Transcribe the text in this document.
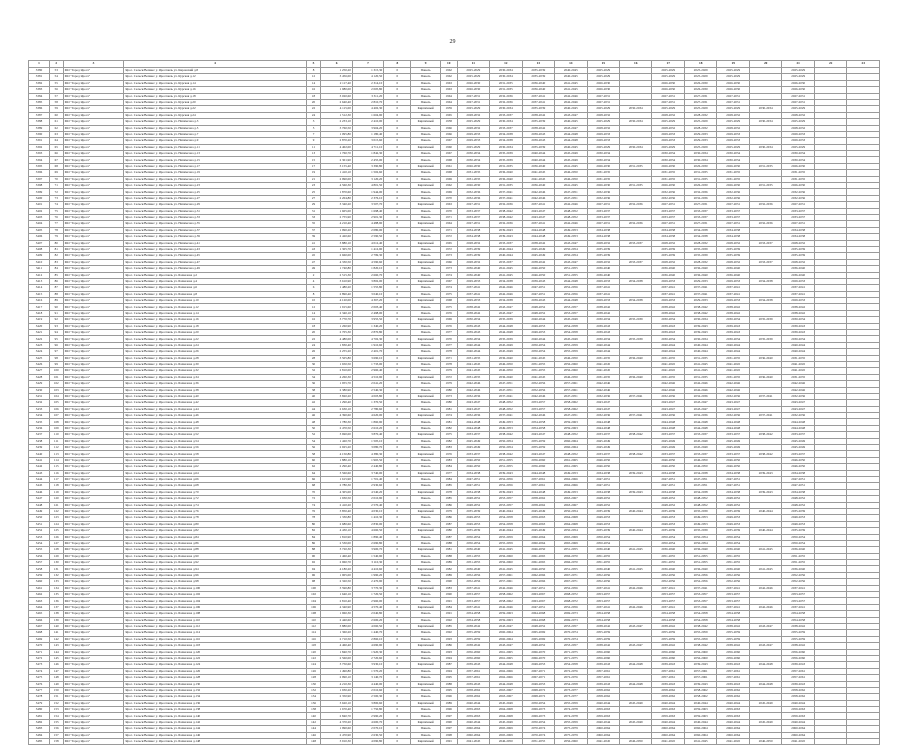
29
1	2	3	4	5	6	7	8	9	10	11	12	13	14	15	16	17	18	19	20	21	22	23
3380	53	МО "Город Яросл"	Ярос. Сельск/Велико/ у. Ярославль ул. Кировский д.8	8	1 250,20	1 315,30	0	Панель	1962	2025-2029	2030-2034	2035-2039	2040-2045	2025-2029		2025-2029	2025-2029	2025-2029		2025-2029		
3381	54	МО "Город Яросл"	Ярос. Сельск/Велико/ у. Ярославль ул. Курская д.12	12	3 456,00	4 120,50	0	Панель	1962	2025-2029	2030-2034	2035-2039	2040-2045	2025-2029		2025-2029	2025-2029	2025-2029		2025-2029		
3382	55	МО "Город Яросл"	Ярос. Сельск/Велико/ у. Ярославль ул. Курская д.14	14	2 117,40	2 314,10	0	Панель	1963	2026-2030	2031-2035	2036-2040	2041-2045	2026-2030		2026-2030	2026-2030	2026-2030		2026-2030		
3383	56	МО "Город Яросл"	Ярос. Сельск/Велико/ у. Ярославль ул. Курская д.16	16	1 980,00	2 005,80	0	Панель	1963	2026-2030	2031-2035	2036-2040	2041-2045	2026-2030		2026-2030	2026-2030	2026-2030		2026-2030		
3384	57	МО "Город Яросл"	Ярос. Сельск/Велико/ у. Ярославль ул. Курская д.18	18	3 020,60	3 311,20	0	Панель	1964	2027-2031	2032-2036	2037-2041	2042-2046	2027-2031		2027-2031	2027-2031	2027-2031		2027-2031		
3385	58	МО "Город Яросл"	Ярос. Сельск/Велико/ у. Ярославль ул. Курская д.20	20	2 640,40	2 810,70	0	Панель	1964	2027-2031	2032-2036	2037-2041	2042-2046	2027-2031		2027-2031	2027-2031	2027-2031		2027-2031		
3386	59	МО "Город Яросл"	Ярос. Сельск/Велико/ у. Ярославль ул. Курская д.22	22	4 115,00	4 402,30	0	Кирпичный	1959	2025-2029	2030-2034	2035-2039	2040-2045	2025-2029	2030-2034	2025-2029	2025-2029	2025-2029	2030-2034	2025-2029		
3387	60	МО "Город Яросл"	Ярос. Сельск/Велико/ у. Ярославль ул. Курская д.24	24	1 512,30	1 604,90	0	Панель	1965	2028-2032	2033-2037	2038-2042	2043-2047	2028-2032		2028-2032	2028-2032	2028-2032		2028-2032		
3388	61	МО "Город Яросл"	Ярос. Сельск/Велико/ у. Ярославль ул. Нахимсона д.3	3	2 233,10	2 410,00	0	Кирпичный	1958	2025-2029	2030-2034	2035-2039	2040-2045	2025-2029	2030-2034	2025-2029	2025-2029	2025-2029	2030-2034	2025-2029		
3389	62	МО "Город Яросл"	Ярос. Сельск/Велико/ у. Ярославль ул. Нахимсона д.5	5	3 760,50	3 904,20	0	Панель	1966	2028-2032	2033-2037	2038-2042	2043-2047	2028-2032		2028-2032	2028-2032	2028-2032		2028-2032		
3390	63	МО "Город Яросл"	Ярос. Сельск/Велико/ у. Ярославль ул. Нахимсона д.7	7	1 095,80	1 180,40	0	Панель	1966	2029-2033	2034-2038	2039-2043	2044-2048	2029-2033		2029-2033	2029-2033	2029-2033		2029-2033		
3391	64	МО "Город Яросл"	Ярос. Сельск/Велико/ у. Ярославль ул. Нахимсона д.9	9	2 870,20	3 015,60	0	Панель	1967	2029-2033	2034-2038	2039-2043	2044-2048	2029-2033		2029-2033	2029-2033	2029-2033		2029-2033		
3392	65	МО "Город Яросл"	Ярос. Сельск/Велико/ у. Ярославль ул. Нахимсона д.11	11	4 402,00	4 711,10	0	Кирпичный	1960	2025-2029	2030-2034	2035-2039	2040-2045	2025-2029	2030-2034	2025-2029	2025-2029	2025-2029	2030-2034	2025-2029		
3393	66	МО "Город Яросл"	Ярос. Сельск/Велико/ у. Ярославль ул. Нахимсона д.13	13	1 760,70	1 842,30	0	Панель	1967	2030-2034	2035-2039	2040-2044	2045-2049	2030-2034		2030-2034	2030-2034	2030-2034		2030-2034		
3394	67	МО "Город Яросл"	Ярос. Сельск/Велико/ у. Ярославль ул. Нахимсона д.15	15	2 301,90	2 455,00	0	Панель	1968	2030-2034	2035-2039	2040-2044	2045-2049	2030-2034		2030-2034	2030-2034	2030-2034		2030-2034		
3395	68	МО "Город Яросл"	Ярос. Сельск/Велико/ у. Ярославль ул. Нахимсона д.17	17	3 155,40	3 390,80	0	Кирпичный	1961	2026-2030	2031-2035	2036-2040	2041-2045	2026-2030	2031-2035	2026-2030	2026-2030	2026-2030	2031-2035	2026-2030		
3396	69	МО "Город Яросл"	Ярос. Сельск/Велико/ у. Ярославль ул. Нахимсона д.19	19	1 410,10	1 502,60	0	Панель	1968	2031-2035	2036-2040	2041-2045	2046-2050	2031-2035		2031-2035	2031-2035	2031-2035		2031-2035		
3397	70	МО "Город Яросл"	Ярос. Сельск/Велико/ у. Ярославль ул. Нахимсона д.21	21	2 990,00	3 120,20	0	Панель	1969	2031-2035	2036-2040	2041-2045	2046-2050	2031-2035		2031-2035	2031-2035	2031-2035		2031-2035		
3398	71	МО "Город Яросл"	Ярос. Сельск/Велико/ у. Ярославль ул. Нахимсона д.23	23	4 560,30	4 801,50	0	Кирпичный	1962	2026-2030	2031-2035	2036-2040	2041-2045	2026-2030	2031-2035	2026-2030	2026-2030	2026-2030	2031-2035	2026-2030		
3399	72	МО "Город Яросл"	Ярос. Сельск/Велико/ у. Ярославль ул. Нахимсона д.25	25	1 870,60	1 944,00	0	Панель	1969	2032-2036	2037-2041	2042-2046	2047-2051	2032-2036		2032-2036	2032-2036	2032-2036		2032-2036		
3400	73	МО "Город Яросл"	Ярос. Сельск/Велико/ у. Ярославль ул. Нахимсона д.27	27	2 204,80	2 376,10	0	Панель	1970	2032-2036	2037-2041	2042-2046	2047-2051	2032-2036		2032-2036	2032-2036	2032-2036		2032-2036		
3401	74	МО "Город Яросл"	Ярос. Сельск/Велико/ у. Ярославль ул. Нахимсона д.29	29	3 340,20	3 507,70	0	Кирпичный	1963	2027-2031	2032-2036	2037-2041	2042-2046	2027-2031	2032-2036	2027-2031	2027-2031	2027-2031	2032-2036	2027-2031		
3402	75	МО "Город Яросл"	Ярос. Сельск/Велико/ у. Ярославль ул. Нахимсона д.31	31	1 605,00	1 698,40	0	Панель	1970	2033-2037	2038-2042	2043-2047	2048-2052	2033-2037		2033-2037	2033-2037	2033-2037		2033-2037		
3403	76	МО "Город Яросл"	Ярос. Сельск/Велико/ у. Ярославль ул. Нахимсона д.33	33	2 755,90	2 901,30	0	Панель	1971	2033-2037	2038-2042	2043-2047	2048-2052	2033-2037		2033-2037	2033-2037	2033-2037		2033-2037		
3404	77	МО "Город Яросл"	Ярос. Сельск/Велико/ у. Ярославль ул. Нахимсона д.35	35	4 210,40	4 488,90	0	Кирпичный	1964	2027-2031	2032-2036	2037-2041	2042-2046	2027-2031	2032-2036	2027-2031	2027-2031	2027-2031	2032-2036	2027-2031		
3405	78	МО "Город Яросл"	Ярос. Сельск/Велико/ у. Ярославль ул. Нахимсона д.37	37	1 990,20	2 080,00	0	Панель	1971	2034-2038	2039-2043	2044-2048	2049-2053	2034-2038		2034-2038	2034-2038	2034-2038		2034-2038		
3406	79	МО "Город Яросл"	Ярос. Сельск/Велико/ у. Ярославль ул. Нахимсона д.39	39	2 420,60	2 590,50	0	Панель	1972	2034-2038	2039-2043	2044-2048	2049-2053	2034-2038		2034-2038	2034-2038	2034-2038		2034-2038		
3407	80	МО "Город Яросл"	Ярос. Сельск/Велико/ у. Ярославль ул. Нахимсона д.41	41	3 880,10	4 012,40	0	Кирпичный	1965	2028-2032	2033-2037	2038-2042	2043-2047	2028-2032	2033-2037	2028-2032	2028-2032	2028-2032	2033-2037	2028-2032		
3408	81	МО "Город Яросл"	Ярос. Сельск/Велико/ у. Ярославль ул. Нахимсона д.43	43	1 305,70	1 412,90	0	Панель	1972	2035-2039	2040-2044	2045-2049	2050-2054	2035-2039		2035-2039	2035-2039	2035-2039		2035-2039		
3409	82	МО "Город Яросл"	Ярос. Сельск/Велико/ у. Ярославль ул. Нахимсона д.45	45	2 660,00	2 799,30	0	Панель	1973	2035-2039	2040-2044	2045-2049	2050-2054	2035-2039		2035-2039	2035-2039	2035-2039		2035-2039		
3410	83	МО "Город Яросл"	Ярос. Сельск/Велико/ у. Ярославль ул. Нахимсона д.47	47	4 330,50	4 590,60	0	Кирпичный	1966	2028-2032	2033-2037	2038-2042	2043-2047	2028-2032	2033-2037	2028-2032	2028-2032	2028-2032	2033-2037	2028-2032		
3411	84	МО "Город Яросл"	Ярос. Сельск/Велико/ у. Ярославль ул. Нахимсона д.49	49	1 740,80	1 820,10	0	Панель	1973	2036-2040	2041-2045	2046-2050	2051-2055	2036-2040		2036-2040	2036-2040	2036-2040		2036-2040		
3412	85	МО "Город Яросл"	Ярос. Сельск/Велико/ у. Ярославль ул. Бахвалова д.2	2	2 515,30	2 660,70	0	Панель	1974	2036-2040	2041-2045	2046-2050	2051-2055	2036-2040		2036-2040	2036-2040	2036-2040		2036-2040		
3413	86	МО "Город Яросл"	Ярос. Сельск/Велико/ у. Ярославль ул. Бахвалова д.4	4	3 610,90	3 802,00	0	Кирпичный	1967	2029-2033	2034-2038	2039-2043	2044-2048	2029-2033	2034-2038	2029-2033	2029-2033	2029-2033	2034-2038	2029-2033		
3414	87	МО "Город Яросл"	Ярос. Сельск/Велико/ у. Ярославль ул. Бахвалова д.6	6	1 480,20	1 555,80	0	Панель	1974	2037-2041	2042-2046	2047-2051	2052-2056	2037-2041		2037-2041	2037-2041	2037-2041		2037-2041		
3415	88	МО "Город Яросл"	Ярос. Сельск/Велико/ у. Ярославль ул. Бахвалова д.8	8	2 890,40	3 040,10	0	Панель	1975	2037-2041	2042-2046	2047-2051	2052-2056	2037-2041		2037-2041	2037-2041	2037-2041		2037-2041		
3416	89	МО "Город Яросл"	Ярос. Сельск/Велико/ у. Ярославль ул. Бахвалова д.10	10	4 120,00	4 367,20	0	Кирпичный	1968	2029-2033	2034-2038	2039-2043	2044-2048	2029-2033	2034-2038	2029-2033	2029-2033	2029-2033	2034-2038	2029-2033		
3417	90	МО "Город Яросл"	Ярос. Сельск/Велико/ у. Ярославль ул. Бахвалова д.12	12	1 915,60	2 003,40	0	Панель	1975	2038-2042	2043-2047	2048-2052	2053-2057	2038-2042		2038-2042	2038-2042	2038-2042		2038-2042		
3418	91	МО "Город Яросл"	Ярос. Сельск/Велико/ у. Ярославль ул. Бахвалова д.14	14	2 340,10	2 498,00	0	Панель	1976	2038-2042	2043-2047	2048-2052	2053-2057	2038-2042		2038-2042	2038-2042	2038-2042		2038-2042		
3419	92	МО "Город Яросл"	Ярос. Сельск/Велико/ у. Ярославль ул. Бахвалова д.16	16	3 770,70	3 955,50	0	Кирпичный	1969	2030-2034	2035-2039	2040-2044	2045-2049	2030-2034	2035-2039	2030-2034	2030-2034	2030-2034	2035-2039	2030-2034		
3420	93	МО "Город Яросл"	Ярос. Сельск/Велико/ у. Ярославль ул. Бахвалова д.18	18	1 260,90	1 340,20	0	Панель	1976	2039-2043	2044-2048	2049-2053	2054-2058	2039-2043		2039-2043	2039-2043	2039-2043		2039-2043		
3421	94	МО "Город Яросл"	Ярос. Сельск/Велико/ у. Ярославль ул. Бахвалова д.20	20	2 705,30	2 870,80	0	Панель	1977	2039-2043	2044-2048	2049-2053	2054-2058	2039-2043		2039-2043	2039-2043	2039-2043		2039-2043		
3422	95	МО "Город Яросл"	Ярос. Сельск/Велико/ у. Ярославль ул. Бахвалова д.22	22	4 480,00	4 702,30	0	Кирпичный	1970	2030-2034	2035-2039	2040-2044	2045-2049	2030-2034	2035-2039	2030-2034	2030-2034	2030-2034	2035-2039	2030-2034		
3423	96	МО "Город Яросл"	Ярос. Сельск/Велико/ у. Ярославль ул. Бахвалова д.24	24	1 830,40	1 910,60	0	Панель	1977	2040-2044	2045-2049	2050-2054	2055-2059	2040-2044		2040-2044	2040-2044	2040-2044		2040-2044		
3424	97	МО "Город Яросл"	Ярос. Сельск/Велико/ у. Ярославль ул. Бахвалова д.26	26	2 255,20	2 401,70	0	Панель	1978	2040-2044	2045-2049	2050-2054	2055-2059	2040-2044		2040-2044	2040-2044	2040-2044		2040-2044		
3425	98	МО "Город Яросл"	Ярос. Сельск/Велико/ у. Ярославль ул. Бахвалова д.28	28	3 505,80	3 690,10	0	Кирпичный	1971	2031-2035	2036-2040	2041-2045	2046-2050	2031-2035	2036-2040	2031-2035	2031-2035	2031-2035	2036-2040	2031-2035		
3426	99	МО "Город Яросл"	Ярос. Сельск/Велико/ у. Ярославль ул. Бахвалова д.30	30	1 650,50	1 733,00	0	Панель	1978	2041-2045	2046-2050	2051-2055	2056-2060	2041-2045		2041-2045	2041-2045	2041-2045		2041-2045		
3427	100	МО "Город Яросл"	Ярос. Сельск/Велико/ у. Ярославль ул. Бахвалова д.32	32	2 810,00	2 960,40	0	Панель	1979	2041-2045	2046-2050	2051-2055	2056-2060	2041-2045		2041-2045	2041-2045	2041-2045		2041-2045		
3428	101	МО "Город Яросл"	Ярос. Сельск/Велико/ у. Ярославль ул. Бахвалова д.34	34	4 260,30	4 510,90	0	Кирпичный	1972	2031-2035	2036-2040	2041-2045	2046-2050	2031-2035	2036-2040	2031-2035	2031-2035	2031-2035	2036-2040	2031-2035		
3429	102	МО "Город Яросл"	Ярос. Сельск/Велико/ у. Ярославль ул. Бахвалова д.36	36	1 955,70	2 041,20	0	Панель	1979	2042-2046	2047-2051	2052-2056	2057-2061	2042-2046		2042-2046	2042-2046	2042-2046		2042-2046		
3430	103	МО "Город Яросл"	Ярос. Сельск/Велико/ у. Ярославль ул. Бахвалова д.38	38	2 380,90	2 540,30	0	Панель	1980	2042-2046	2047-2051	2052-2056	2057-2061	2042-2046		2042-2046	2042-2046	2042-2046		2042-2046		
3431	104	МО "Город Яросл"	Ярос. Сельск/Велико/ у. Ярославль ул. Бахвалова д.40	40	3 820,20	4 003,80	0	Кирпичный	1973	2032-2036	2037-2041	2042-2046	2047-2051	2032-2036	2037-2041	2032-2036	2032-2036	2032-2036	2037-2041	2032-2036		
3432	105	МО "Город Яросл"	Ярос. Сельск/Велико/ у. Ярославль ул. Бахвалова д.42	42	1 290,40	1 370,50	0	Панель	1980	2043-2047	2048-2052	2053-2057	2058-2062	2043-2047		2043-2047	2043-2047	2043-2047		2043-2047		
3433	106	МО "Город Яросл"	Ярос. Сельск/Велико/ у. Ярославль ул. Бахвалова д.44	44	2 630,10	2 780,60	0	Панель	1981	2043-2047	2048-2052	2053-2057	2058-2062	2043-2047		2043-2047	2043-2047	2043-2047		2043-2047		
3434	107	МО "Город Яросл"	Ярос. Сельск/Велико/ у. Ярославль ул. Бахвалова д.46	46	4 390,60	4 620,00	0	Кирпичный	1974	2032-2036	2037-2041	2042-2046	2047-2051	2032-2036	2037-2041	2032-2036	2032-2036	2032-2036	2037-2041	2032-2036		
3435	108	МО "Город Яросл"	Ярос. Сельск/Велико/ у. Ярославль ул. Бахвалова д.48	48	1 780,30	1 860,90	0	Панель	1981	2044-2048	2049-2053	2054-2058	2059-2063	2044-2048		2044-2048	2044-2048	2044-2048		2044-2048		
3436	109	МО "Город Яросл"	Ярос. Сельск/Велико/ у. Ярославль ул. Бахвалова д.50	50	2 470,50	2 610,20	0	Панель	1982	2044-2048	2049-2053	2054-2058	2059-2063	2044-2048		2044-2048	2044-2048	2044-2048		2044-2048		
3437	110	МО "Город Яросл"	Ярос. Сельск/Велико/ у. Ярославль ул. Бахвалова д.52	52	3 690,00	3 870,40	0	Кирпичный	1975	2033-2037	2038-2042	2043-2047	2048-2052	2033-2037	2038-2042	2033-2037	2033-2037	2033-2037	2038-2042	2033-2037		
3438	111	МО "Город Яросл"	Ярос. Сельск/Велико/ у. Ярославль ул. Бахвалова д.54	54	1 420,70	1 505,10	0	Панель	1982	2045-2049	2050-2054	2055-2059	2060-2064	2045-2049		2045-2049	2045-2049	2045-2049		2045-2049		
3439	112	МО "Город Яросл"	Ярос. Сельск/Велико/ у. Ярославль ул. Бахвалова д.56	56	2 925,20	3 080,70	0	Панель	1983	2045-2049	2050-2054	2055-2059	2060-2064	2045-2049		2045-2049	2045-2049	2045-2049		2045-2049		
3440	113	МО "Город Яросл"	Ярос. Сельск/Велико/ у. Ярославль ул. Бахвалова д.58	58	4 150,80	4 380,30	0	Кирпичный	1976	2033-2037	2038-2042	2043-2047	2048-2052	2033-2037	2038-2042	2033-2037	2033-2037	2033-2037	2038-2042	2033-2037		
3441	114	МО "Город Яросл"	Ярос. Сельск/Велико/ у. Ярославль ул. Бахвалова д.60	60	1 880,10	1 965,50	0	Панель	1983	2046-2050	2051-2055	2056-2060	2061-2065	2046-2050		2046-2050	2046-2050	2046-2050		2046-2050		
3442	115	МО "Город Яросл"	Ярос. Сельск/Велико/ у. Ярославль ул. Бахвалова д.62	62	2 290,40	2 440,80	0	Панель	1984	2046-2050	2051-2055	2056-2060	2061-2065	2046-2050		2046-2050	2046-2050	2046-2050		2046-2050		
3443	116	МО "Город Яросл"	Ярос. Сельск/Велико/ у. Ярославль ул. Бахвалова д.64	64	3 560,60	3 740,00	0	Кирпичный	1977	2034-2038	2039-2043	2044-2048	2049-2053	2034-2038	2039-2043	2034-2038	2034-2038	2034-2038	2039-2043	2034-2038		
3444	117	МО "Город Яросл"	Ярос. Сельск/Велико/ у. Ярославль ул. Бахвалова д.66	66	1 615,90	1 701,40	0	Панель	1984	2047-2051	2052-2056	2057-2061	2062-2066	2047-2051		2047-2051	2047-2051	2047-2051		2047-2051		
3445	118	МО "Город Яросл"	Ярос. Сельск/Велико/ у. Ярославль ул. Бахвалова д.68	68	2 780,30	2 930,60	0	Панель	1985	2047-2051	2052-2056	2057-2061	2062-2066	2047-2051		2047-2051	2047-2051	2047-2051		2047-2051		
3446	119	МО "Город Яросл"	Ярос. Сельск/Велико/ у. Ярославль ул. Бахвалова д.70	70	4 305,00	4 540,20	0	Кирпичный	1978	2034-2038	2039-2043	2044-2048	2049-2053	2034-2038	2039-2043	2034-2038	2034-2038	2034-2038	2039-2043	2034-2038		
3447	120	МО "Город Яросл"	Ярос. Сельск/Велико/ у. Ярославль ул. Бахвалова д.72	72	1 930,50	2 010,90	0	Панель	1985	2048-2052	2053-2057	2058-2062	2063-2067	2048-2052		2048-2052	2048-2052	2048-2052		2048-2052		
3448	121	МО "Город Яросл"	Ярос. Сельск/Велико/ у. Ярославль ул. Бахвалова д.74	74	2 410,20	2 570,40	0	Панель	1986	2048-2052	2053-2057	2058-2062	2063-2067	2048-2052		2048-2052	2048-2052	2048-2052		2048-2052		
3449	122	МО "Город Яросл"	Ярос. Сельск/Велико/ у. Ярославль ул. Бахвалова д.76	76	3 850,40	4 030,10	0	Кирпичный	1979	2035-2039	2040-2044	2045-2049	2050-2054	2035-2039	2040-2044	2035-2039	2035-2039	2035-2039	2040-2044	2035-2039		
3450	123	МО "Город Яросл"	Ярос. Сельск/Велико/ у. Ярославль ул. Бахвалова д.78	78	1 330,80	1 410,30	0	Панель	1986	2049-2053	2054-2058	2059-2063	2064-2068	2049-2053		2049-2053	2049-2053	2049-2053		2049-2053		
3451	124	МО "Город Яросл"	Ярос. Сельск/Велико/ у. Ярославль ул. Бахвалова д.80	80	2 680,60	2 830,00	0	Панель	1987	2049-2053	2054-2058	2059-2063	2064-2068	2049-2053		2049-2053	2049-2053	2049-2053		2049-2053		
3452	125	МО "Город Яросл"	Ярос. Сельск/Велико/ у. Ярославль ул. Бахвалова д.82	82	4 430,10	4 660,50	0	Кирпичный	1980	2035-2039	2040-2044	2045-2049	2050-2054	2035-2039	2040-2044	2035-2039	2035-2039	2035-2039	2040-2044	2035-2039		
3453	126	МО "Город Яросл"	Ярос. Сельск/Велико/ у. Ярославль ул. Бахвалова д.84	84	1 810,90	1 890,40	0	Панель	1987	2050-2054	2055-2059	2060-2064	2065-2069	2050-2054		2050-2054	2050-2054	2050-2054		2050-2054		
3454	127	МО "Город Яросл"	Ярос. Сельск/Велико/ у. Ярославль ул. Бахвалова д.86	86	2 530,00	2 690,80	0	Панель	1988	2050-2054	2055-2059	2060-2064	2065-2069	2050-2054		2050-2054	2050-2054	2050-2054		2050-2054		
3455	128	МО "Город Яросл"	Ярос. Сельск/Велико/ у. Ярославль ул. Бахвалова д.88	88	3 720,30	3 900,70	0	Кирпичный	1981	2036-2040	2041-2045	2046-2050	2051-2055	2036-2040	2041-2045	2036-2040	2036-2040	2036-2040	2041-2045	2036-2040		
3456	129	МО "Город Яросл"	Ярос. Сельск/Велико/ у. Ярославль ул. Бахвалова д.90	90	1 460,40	1 540,90	0	Панель	1988	2051-2055	2056-2060	2061-2065	2066-2070	2051-2055		2051-2055	2051-2055	2051-2055		2051-2055		
3457	130	МО "Город Яросл"	Ярос. Сельск/Велико/ у. Ярославль ул. Бахвалова д.92	92	2 960,70	3 110,30	0	Панель	1989	2051-2055	2056-2060	2061-2065	2066-2070	2051-2055		2051-2055	2051-2055	2051-2055		2051-2055		
3458	131	МО "Город Яросл"	Ярос. Сельск/Велико/ у. Ярославль ул. Бахвалова д.94	94	4 180,20	4 410,60	0	Кирпичный	1982	2036-2040	2041-2045	2046-2050	2051-2055	2036-2040	2041-2045	2036-2040	2036-2040	2036-2040	2041-2045	2036-2040		
3459	132	МО "Город Яросл"	Ярос. Сельск/Велико/ у. Ярославль ул. Бахвалова д.96	96	1 905,00	1 990,20	0	Панель	1989	2052-2056	2057-2061	2062-2066	2067-2071	2052-2056		2052-2056	2052-2056	2052-2056		2052-2056		
3460	133	МО "Город Яросл"	Ярос. Сельск/Велико/ у. Ярославль ул. Бахвалова д.98	98	2 320,50	2 470,90	0	Панель	1990	2052-2056	2057-2061	2062-2066	2067-2071	2052-2056		2052-2056	2052-2056	2052-2056		2052-2056		
3461	134	МО "Город Яросл"	Ярос. Сельск/Велико/ у. Ярославль ул. Бахвалова д.100	100	3 590,80	3 770,30	0	Кирпичный	1983	2037-2041	2042-2046	2047-2051	2052-2056	2037-2041	2042-2046	2037-2041	2037-2041	2037-2041	2042-2046	2037-2041		
3462	135	МО "Город Яросл"	Ярос. Сельск/Велико/ у. Ярославль ул. Бахвалова д.102	102	1 640,10	1 720,50	0	Панель	1990	2053-2057	2058-2062	2063-2067	2068-2072	2053-2057		2053-2057	2053-2057	2053-2057		2053-2057		
3463	136	МО "Город Яросл"	Ярос. Сельск/Велико/ у. Ярославль ул. Бахвалова д.104	104	2 810,40	2 960,00	0	Панель	1991	2053-2057	2058-2062	2063-2067	2068-2072	2053-2057		2053-2057	2053-2057	2053-2057		2053-2057		
3464	137	МО "Город Яросл"	Ярос. Сельск/Велико/ у. Ярославль ул. Бахвалова д.106	106	4 340,90	4 570,40	0	Кирпичный	1984	2037-2041	2042-2046	2047-2051	2052-2056	2037-2041	2042-2046	2037-2041	2037-2041	2037-2041	2042-2046	2037-2041		
3465	138	МО "Город Яросл"	Ярос. Сельск/Велико/ у. Ярославль ул. Бахвалова д.108	108	1 960,30	2 040,80	0	Панель	1991	2054-2058	2059-2063	2064-2068	2069-2073	2054-2058		2054-2058	2054-2058	2054-2058		2054-2058		
3466	139	МО "Город Яросл"	Ярос. Сельск/Велико/ у. Ярославль ул. Бахвалова д.110	110	2 440,60	2 600,20	0	Панель	1992	2054-2058	2059-2063	2064-2068	2069-2073	2054-2058		2054-2058	2054-2058	2054-2058		2054-2058		
3467	140	МО "Город Яросл"	Ярос. Сельск/Велико/ у. Ярославль ул. Бахвалова д.112	112	3 880,00	4 060,50	0	Кирпичный	1985	2038-2042	2043-2047	2048-2052	2053-2057	2038-2042	2043-2047	2038-2042	2038-2042	2038-2042	2043-2047	2038-2042		
3468	141	МО "Город Яросл"	Ярос. Сельск/Велико/ у. Ярославль ул. Бахвалова д.114	114	1 360,20	1 440,70	0	Панель	1992	2055-2059	2060-2064	2065-2069	2070-2074	2055-2059		2055-2059	2055-2059	2055-2059		2055-2059		
3469	142	МО "Город Яросл"	Ярос. Сельск/Велико/ у. Ярославль ул. Бахвалова д.116	116	2 710,50	2 860,10	0	Панель	1993	2055-2059	2060-2064	2065-2069	2070-2074	2055-2059		2055-2059	2055-2059	2055-2059		2055-2059		
3470	143	МО "Город Яросл"	Ярос. Сельск/Велико/ у. Ярославль ул. Бахвалова д.118	118	4 460,40	4 690,90	0	Кирпичный	1986	2038-2042	2043-2047	2048-2052	2053-2057	2038-2042	2043-2047	2038-2042	2038-2042	2038-2042	2043-2047	2038-2042		
3471	144	МО "Город Яросл"	Ярос. Сельск/Велико/ у. Ярославль ул. Бахвалова д.120	120	1 840,70	1 920,30	0	Панель	1993	2056-2060	2061-2065	2066-2070	2071-2075	2056-2060		2056-2060	2056-2060	2056-2060		2056-2060		
3472	145	МО "Город Яросл"	Ярос. Сельск/Велико/ у. Ярославль ул. Бахвалова д.122	122	2 560,00	2 720,60	0	Панель	1994	2056-2060	2061-2065	2066-2070	2071-2075	2056-2060		2056-2060	2056-2060	2056-2060		2056-2060		
3473	146	МО "Город Яросл"	Ярос. Сельск/Велико/ у. Ярославль ул. Бахвалова д.124	124	3 750,60	3 930,10	0	Кирпичный	1987	2039-2043	2044-2048	2049-2053	2054-2058	2039-2043	2044-2048	2039-2043	2039-2043	2039-2043	2044-2048	2039-2043		
3474	147	МО "Город Яросл"	Ярос. Сельск/Велико/ у. Ярославль ул. Бахвалова д.126	126	1 490,80	1 570,20	0	Панель	1994	2057-2061	2062-2066	2067-2071	2072-2076	2057-2061		2057-2061	2057-2061	2057-2061		2057-2061		
3475	148	МО "Город Яросл"	Ярос. Сельск/Велико/ у. Ярославль ул. Бахвалова д.128	128	2 990,10	3 140,70	0	Панель	1995	2057-2061	2062-2066	2067-2071	2072-2076	2057-2061		2057-2061	2057-2061	2057-2061		2057-2061		
3476	149	МО "Город Яросл"	Ярос. Сельск/Велико/ у. Ярославль ул. Бахвалова д.130	130	4 210,30	4 440,00	0	Кирпичный	1988	2039-2043	2044-2048	2049-2053	2054-2058	2039-2043	2044-2048	2039-2043	2039-2043	2039-2043	2044-2048	2039-2043		
3477	150	МО "Город Яросл"	Ярос. Сельск/Велико/ у. Ярославль ул. Бахвалова д.132	132	1 930,20	2 010,60	0	Панель	1995	2058-2062	2063-2067	2068-2072	2073-2077	2058-2062		2058-2062	2058-2062	2058-2062		2058-2062		
3478	151	МО "Город Яросл"	Ярос. Сельск/Велико/ у. Ярославль ул. Бахвалова д.134	134	2 350,90	2 500,30	0	Панель	1996	2058-2062	2063-2067	2068-2072	2073-2077	2058-2062		2058-2062	2058-2062	2058-2062		2058-2062		
3479	152	МО "Город Яросл"	Ярос. Сельск/Велико/ у. Ярославль ул. Бахвалова д.136	136	3 620,10	3 800,60	0	Кирпичный	1989	2040-2044	2045-2049	2050-2054	2055-2059	2040-2044	2045-2049	2040-2044	2040-2044	2040-2044	2045-2049	2040-2044		
3480	153	МО "Город Яросл"	Ярос. Сельск/Велико/ у. Ярославль ул. Бахвалова д.138	138	1 670,40	1 750,80	0	Панель	1996	2059-2063	2064-2068	2069-2073	2074-2078	2059-2063		2059-2063	2059-2063	2059-2063		2059-2063		
3481	154	МО "Город Яросл"	Ярос. Сельск/Велико/ у. Ярославль ул. Бахвалова д.140	140	2 840,70	2 990,20	0	Панель	1997	2059-2063	2064-2068	2069-2073	2074-2078	2059-2063		2059-2063	2059-2063	2059-2063		2059-2063		
3482	155	МО "Город Яросл"	Ярос. Сельск/Велико/ у. Ярославль ул. Бахвалова д.142	142	4 370,20	4 600,70	0	Кирпичный	1990	2040-2044	2045-2049	2050-2054	2055-2059	2040-2044	2045-2049	2040-2044	2040-2044	2040-2044	2045-2049	2040-2044		
3483	156	МО "Город Яросл"	Ярос. Сельск/Велико/ у. Ярославль ул. Бахвалова д.144	144	1 990,60	2 070,10	0	Панель	1997	2060-2064	2065-2069	2070-2074	2075-2079	2060-2064		2060-2064	2060-2064	2060-2064		2060-2064		
3484	157	МО "Город Яросл"	Ярос. Сельск/Велико/ у. Ярославль ул. Бахвалова д.146	146	2 470,90	2 630,50	0	Панель	1998	2060-2064	2065-2069	2070-2074	2075-2079	2060-2064		2060-2064	2060-2064	2060-2064		2060-2064		
3485	158	МО "Город Яросл"	Ярос. Сельск/Велико/ у. Ярославль ул. Бахвалова д.148	148	3 910,30	4 090,80	0	Кирпичный	1991	2041-2045	2046-2050	2051-2055	2056-2060	2041-2045	2046-2050	2041-2045	2041-2045	2041-2045	2046-2050	2041-2045		
